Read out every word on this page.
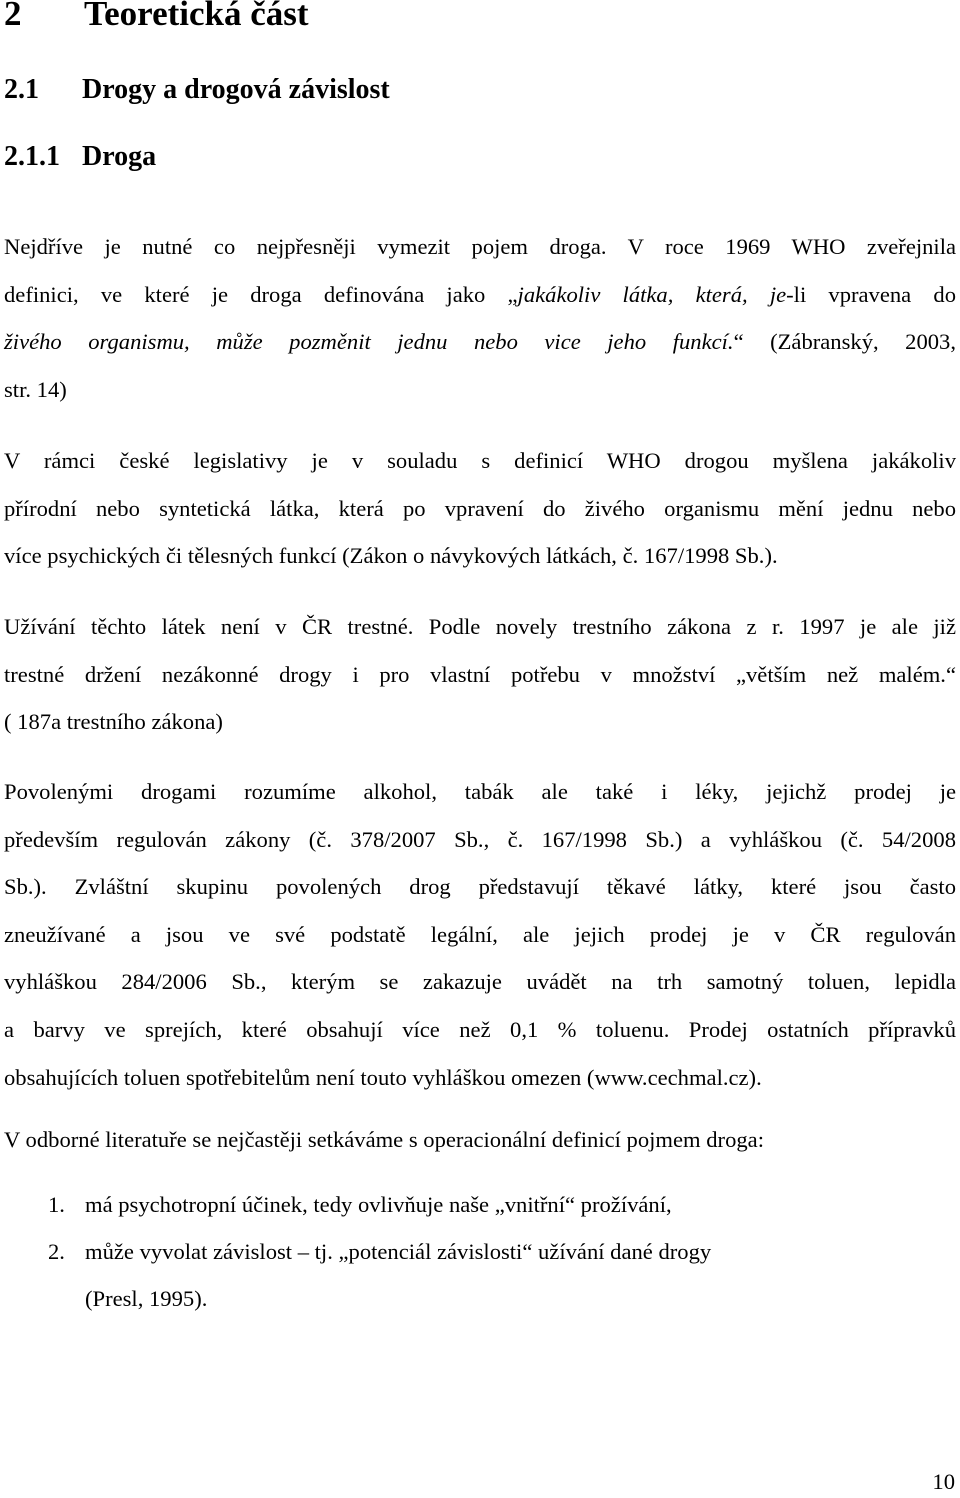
2 Teoretická část
2.1 Drogy a drogová závislost
2.1.1 Droga
Nejdříve je nutné co nejpřesněji vymezit pojem droga. V roce 1969 WHO zveřejnila
definici, ve které je droga definována jako „jakákoliv látka, která, je-li vpravena do
živého organismu, může pozměnit jednu nebo vice jeho funkcí.“ (Zábranský, 2003,
str. 14)
V rámci české legislativy je v souladu s definicí WHO drogou myšlena jakákoliv
přírodní nebo syntetická látka, která po vpravení do živého organismu mění jednu nebo
více psychických či tělesných funkcí (Zákon o návykových látkách, č. 167/1998 Sb.).
Užívání těchto látek není v ČR trestné. Podle novely trestního zákona z r. 1997 je ale již
trestné držení nezákonné drogy i pro vlastní potřebu v množství „větším než malém.“
( 187a trestního zákona)
Povolenými drogami rozumíme alkohol, tabák ale také i léky, jejichž prodej je
především regulován zákony (č. 378/2007 Sb., č. 167/1998 Sb.) a vyhláškou (č. 54/2008
Sb.). Zvláštní skupinu povolených drog představují těkavé látky, které jsou často
zneužívané a jsou ve své podstatě legální, ale jejich prodej je v ČR regulován
vyhláškou 284/2006 Sb., kterým se zakazuje uvádět na trh samotný toluen, lepidla
a barvy ve sprejích, které obsahují více než 0,1 % toluenu. Prodej ostatních přípravků
obsahujících toluen spotřebitelům není touto vyhláškou omezen (www.cechmal.cz).
V odborné literatuře se nejčastěji setkáváme s operacionální definicí pojmem droga:
1. má psychotropní účinek, tedy ovlivňuje naše „vnitřní“ prožívání,
2. může vyvolat závislost – tj. „potenciál závislosti“ užívání dané drogy
(Presl, 1995).
10
